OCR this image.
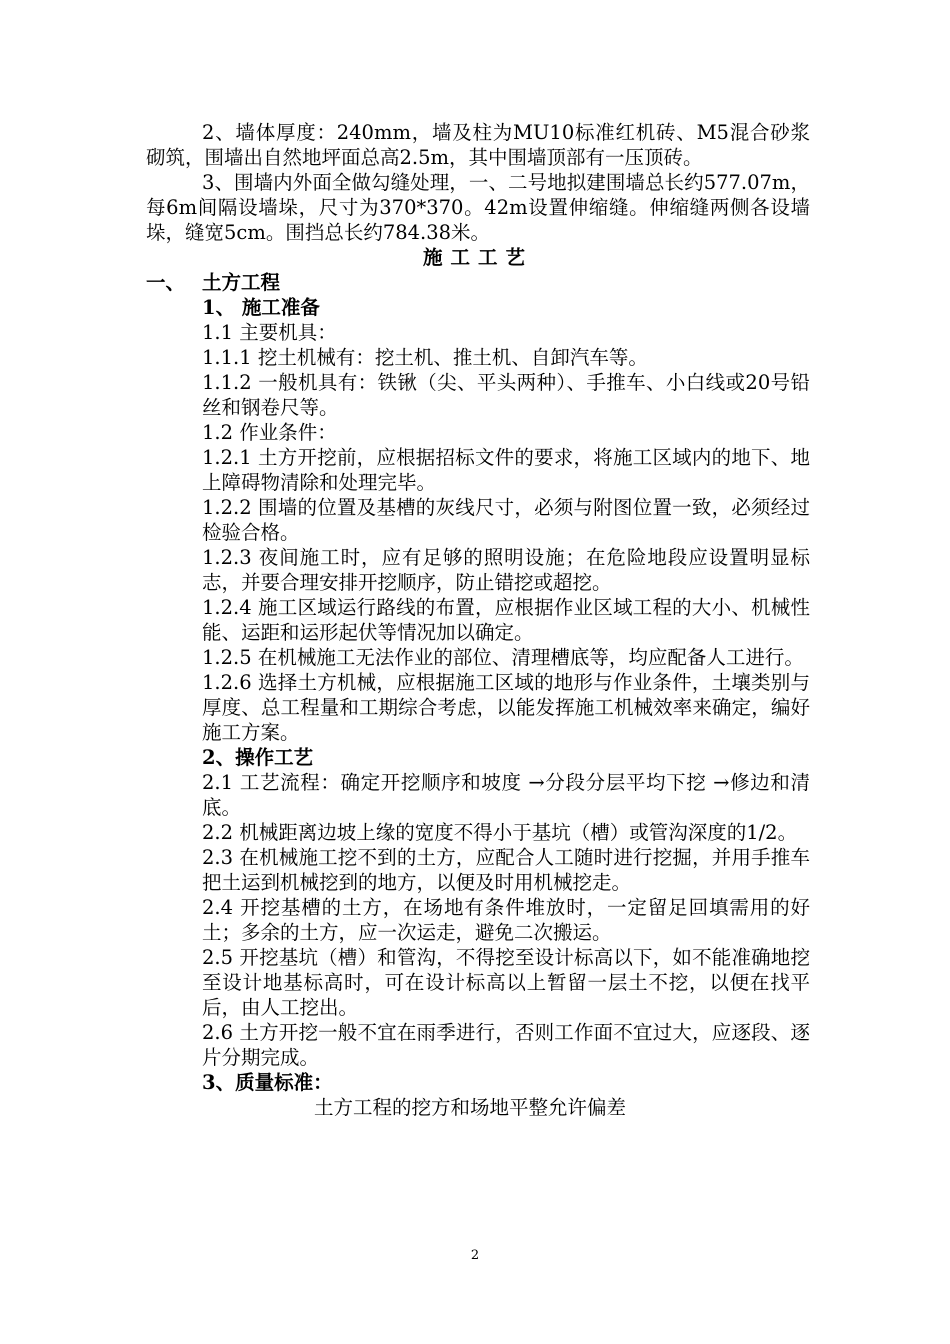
2、墙体厚度：240mm，墙及柱为MU10标准红机砖、M5混合砂浆砌筑，围墙出自然地坪面总高2.5m，其中围墙顶部有一压顶砖。

3、围墙内外面全做勾缝处理，一、二号地拟建围墙总长约577.07m，每6m间隔设墙垛，尺寸为370*370。42m设置伸缩缝。伸缩缝两侧各设墙垛，缝宽5cm。围挡总长约784.38米。

施工工艺

一、 土方工程

1、 施工准备

1.1 主要机具：

1.1.1 挖土机械有：挖土机、推土机、自卸汽车等。

1.1.2 一般机具有：铁锹（尖、平头两种）、手推车、小白线或20号铅丝和钢卷尺等。

1.2 作业条件：

1.2.1 土方开挖前，应根据招标文件的要求，将施工区域内的地下、地上障碍物清除和处理完毕。

1.2.2 围墙的位置及基槽的灰线尺寸，必须与附图位置一致，必须经过检验合格。

1.2.3 夜间施工时，应有足够的照明设施；在危险地段应设置明显标志，并要合理安排开挖顺序，防止错挖或超挖。

1.2.4 施工区域运行路线的布置，应根据作业区域工程的大小、机械性能、运距和运形起伏等情况加以确定。

1.2.5 在机械施工无法作业的部位、清理槽底等，均应配备人工进行。

1.2.6 选择土方机械，应根据施工区域的地形与作业条件，土壤类别与厚度、总工程量和工期综合考虑，以能发挥施工机械效率来确定，编好施工方案。

2、操作工艺

2.1 工艺流程：确定开挖顺序和坡度 →分段分层平均下挖 →修边和清底。

2.2 机械距离边坡上缘的宽度不得小于基坑（槽）或管沟深度的1/2。

2.3 在机械施工挖不到的土方，应配合人工随时进行挖掘，并用手推车把土运到机械挖到的地方，以便及时用机械挖走。

2.4 开挖基槽的土方，在场地有条件堆放时，一定留足回填需用的好土；多余的土方，应一次运走，避免二次搬运。

2.5 开挖基坑（槽）和管沟，不得挖至设计标高以下，如不能准确地挖至设计地基标高时，可在设计标高以上暂留一层土不挖，以便在找平后，由人工挖出。

2.6 土方开挖一般不宜在雨季进行，否则工作面不宜过大，应逐段、逐片分期完成。

3、质量标准：

土方工程的挖方和场地平整允许偏差

2
